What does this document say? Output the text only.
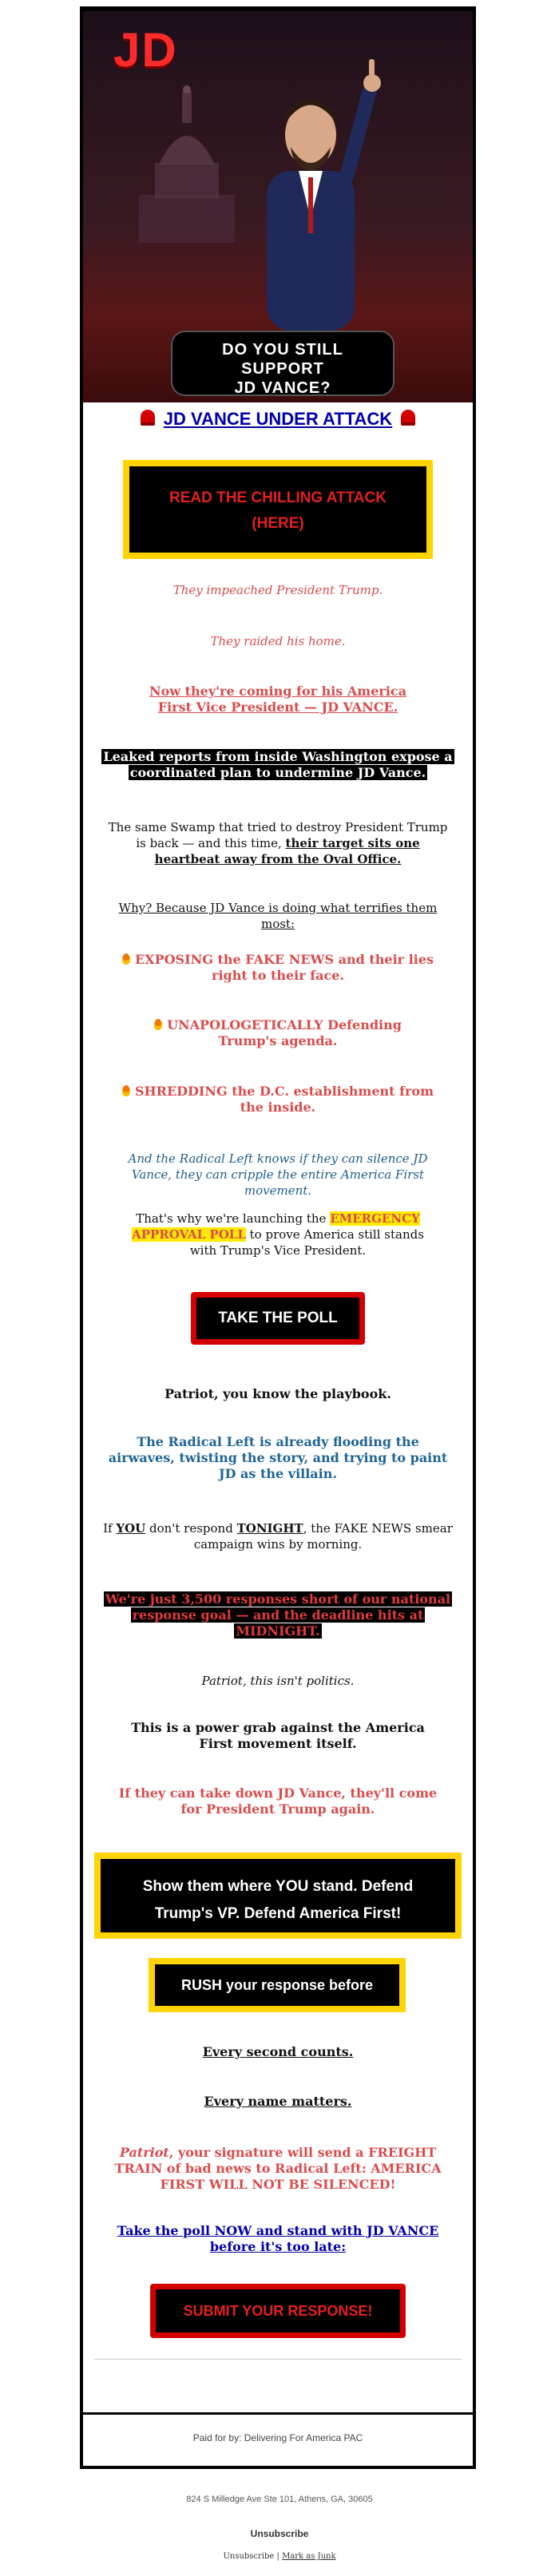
JD
DO YOU STILL
SUPPORT
JD VANCE?
JD VANCE UNDER ATTACK
READ THE CHILLING ATTACK
(HERE)
They impeached President Trump.
They raided his home.
Now they're coming for his America First Vice President — JD VANCE.
Leaked reports from inside Washington expose a coordinated plan to undermine JD Vance.
The same Swamp that tried to destroy President Trump is back — and this time, their target sits one heartbeat away from the Oval Office.
Why? Because JD Vance is doing what terrifies them most:
EXPOSING the FAKE NEWS and their lies right to their face.
UNAPOLOGETICALLY Defending Trump's agenda.
SHREDDING the D.C. establishment from the inside.
And the Radical Left knows if they can silence JD Vance, they can cripple the entire America First movement.
That's why we're launching the EMERGENCY APPROVAL POLL to prove America still stands with Trump's Vice President.
TAKE THE POLL
Patriot, you know the playbook.
The Radical Left is already flooding the airwaves, twisting the story, and trying to paint JD as the villain.
If YOU don't respond TONIGHT, the FAKE NEWS smear campaign wins by morning.
We're just 3,500 responses short of our national response goal — and the deadline hits at MIDNIGHT.
Patriot, this isn't politics.
This is a power grab against the America First movement itself.
If they can take down JD Vance, they'll come for President Trump again.
Show them where YOU stand. Defend
Trump's VP. Defend America First!
RUSH your response before MIDNIGHT
Every second counts.
Every name matters.
Patriot, your signature will send a FREIGHT TRAIN of bad news to Radical Left: AMERICA FIRST WILL NOT BE SILENCED!
Take the poll NOW and stand with JD VANCE before it's too late:
SUBMIT YOUR RESPONSE!
Paid for by: Delivering For America PAC
824 S Milledge Ave Ste 101, Athens, GA, 30605
Unsubscribe
Unsubscribe | Mark as Junk
